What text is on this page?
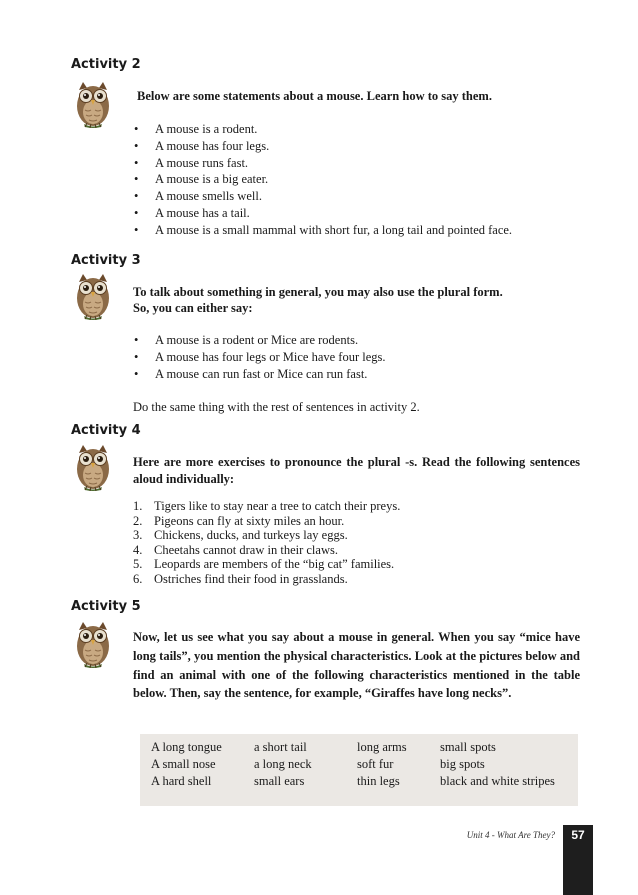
Activity 2
Below are some statements about a mouse. Learn how to say them.
• A mouse is a rodent.
• A mouse has four legs.
• A mouse runs fast.
• A mouse is a big eater.
• A mouse smells well.
• A mouse has a tail.
• A mouse is a small mammal with short fur, a long tail and pointed face.
Activity 3
To talk about something in general, you may also use the plural form.
So, you can either say:
• A mouse is a rodent or Mice are rodents.
• A mouse has four legs or Mice have four legs.
• A mouse can run fast or Mice can run fast.
Do the same thing with the rest of sentences in activity 2.
Activity 4
Here are more exercises to pronounce the plural -s. Read the following sentences aloud individually:
1. Tigers like to stay near a tree to catch their preys.
2. Pigeons can fly at sixty miles an hour.
3. Chickens, ducks, and turkeys lay eggs.
4. Cheetahs cannot draw in their claws.
5. Leopards are members of the “big cat” families.
6. Ostriches find their food in grasslands.
Activity 5
Now, let us see what you say about a mouse in general. When you say “mice have long tails”, you mention the physical characteristics. Look at the pictures below and find an animal with one of the following characteristics mentioned in the table below. Then, say the sentence, for example, “Giraffes have long necks”.
A long tongue	a short tail	long arms	small spots
A small nose	a long neck	soft fur	big spots
A hard shell	small ears	thin legs	black and white stripes
Unit 4 - What Are They?	57
